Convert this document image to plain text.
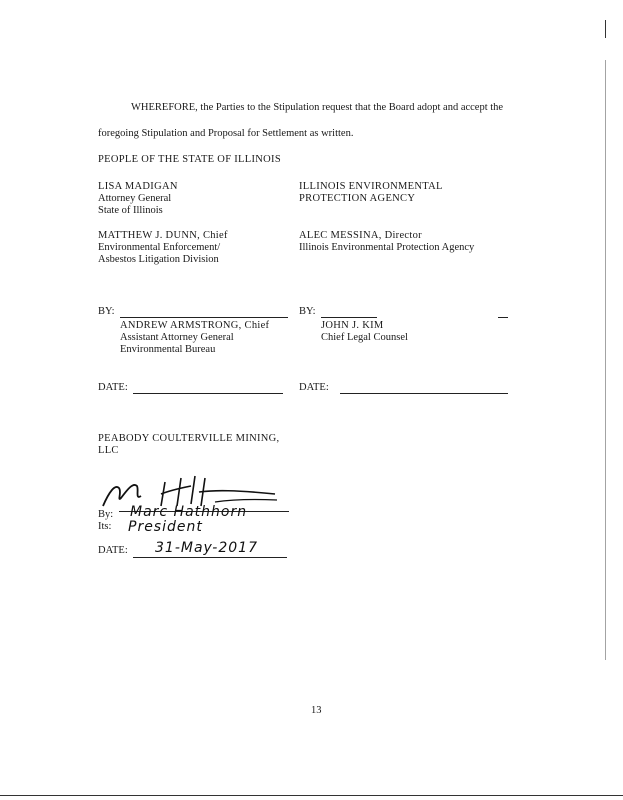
WHEREFORE, the Parties to the Stipulation request that the Board adopt and accept the
foregoing Stipulation and Proposal for Settlement as written.
PEOPLE OF THE STATE OF ILLINOIS
LISA MADIGAN
Attorney General
State of Illinois
ILLINOIS ENVIRONMENTAL
PROTECTION AGENCY
MATTHEW J. DUNN, Chief
Environmental Enforcement/
Asbestos Litigation Division
ALEC MESSINA, Director
Illinois Environmental Protection Agency
BY:	BY:
ANDREW ARMSTRONG, Chief
Assistant Attorney General
Environmental Bureau
JOHN J. KIM
Chief Legal Counsel
DATE:	DATE:
PEABODY COULTERVILLE MINING,
LLC
By: Marc Hathhorn
Its: President
DATE: 31-May-2017
13
